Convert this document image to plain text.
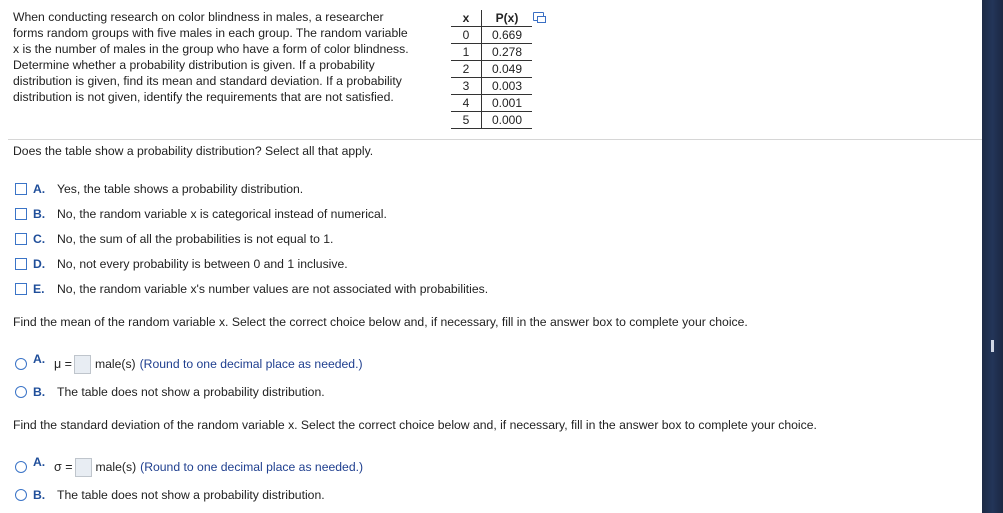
When conducting research on color blindness in males, a researcher
forms random groups with five males in each group. The random variable
x is the number of males in the group who have a form of color blindness.
Determine whether a probability distribution is given. If a probability
distribution is given, find its mean and standard deviation. If a probability
distribution is not given, identify the requirements that are not satisfied.
x	P(x)
0	0.669
1	0.278
2	0.049
3	0.003
4	0.001
5	0.000
Does the table show a probability distribution? Select all that apply.
A. Yes, the table shows a probability distribution.
B. No, the random variable x is categorical instead of numerical.
C. No, the sum of all the probabilities is not equal to 1.
D. No, not every probability is between 0 and 1 inclusive.
E.	No, the random variable x's number values are not associated with probabilities.
Find the mean of the random variable x. Select the correct choice below and, if necessary, fill in the answer box to complete your choice.
A. μ = male(s) (Round to one decimal place as needed.)
B. The table does not show a probability distribution.
Find the standard deviation of the random variable x. Select the correct choice below and, if necessary, fill in the answer box to complete your choice.
A. σ = male(s) (Round to one decimal place as needed.)
B. The table does not show a probability distribution.
